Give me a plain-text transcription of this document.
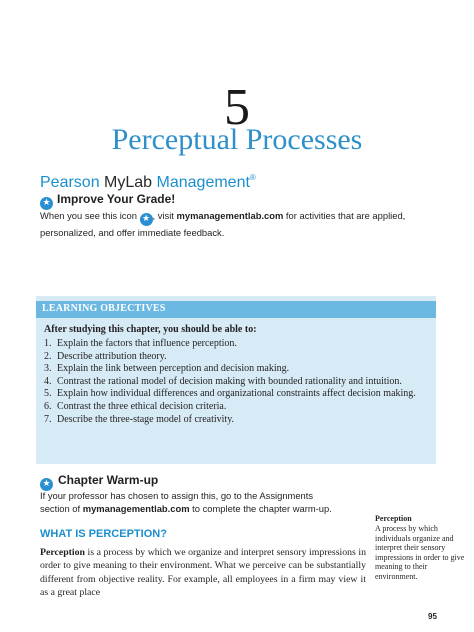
5
Perceptual Processes
Pearson MyLab Management®
★ Improve Your Grade!
When you see this icon ★ , visit mymanagementlab.com for activities that are applied, personalized, and offer immediate feedback.
LEARNING OBJECTIVES
After studying this chapter, you should be able to:
1. Explain the factors that influence perception.
2. Describe attribution theory.
3. Explain the link between perception and decision making.
4. Contrast the rational model of decision making with bounded rationality and intuition.
5. Explain how individual differences and organizational constraints affect decision making.
6. Contrast the three ethical decision criteria.
7. Describe the three-stage model of creativity.
★ Chapter Warm-up
If your professor has chosen to assign this, go to the Assignments section of mymanagementlab.com to complete the chapter warm-up.
WHAT IS PERCEPTION?
Perception is a process by which we organize and interpret sensory impressions in order to give meaning to their environment. What we perceive can be substantially different from objective reality. For example, all employees in a firm may view it as a great place
Perception
A process by which individuals organize and interpret their sensory impressions in order to give meaning to their environment.
95
